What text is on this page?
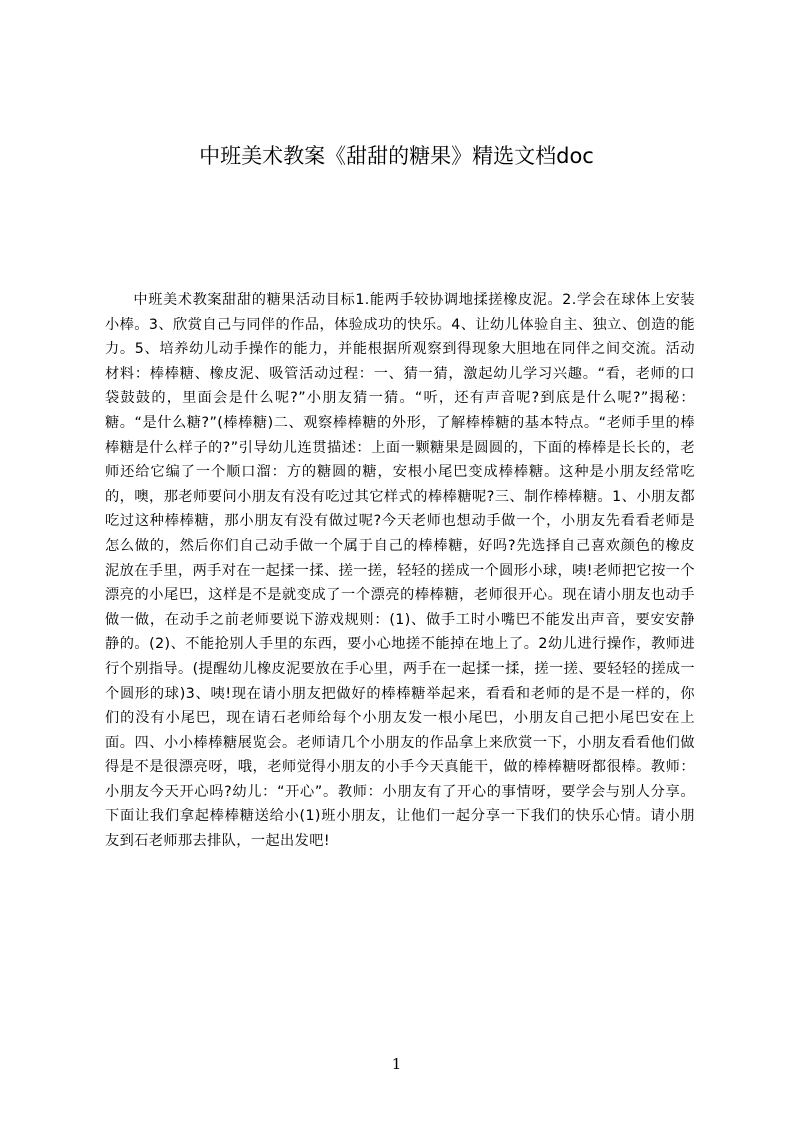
中班美术教案《甜甜的糖果》精选文档doc

中班美术教案甜甜的糖果活动目标1.能两手较协调地揉搓橡皮泥。2.学会在球体上安装小棒。3、欣赏自己与同伴的作品，体验成功的快乐。4、让幼儿体验自主、独立、创造的能力。5、培养幼儿动手操作的能力，并能根据所观察到得现象大胆地在同伴之间交流。活动材料：棒棒糖、橡皮泥、吸管活动过程：一、猜一猜，激起幼儿学习兴趣。“看，老师的口袋鼓鼓的，里面会是什么呢?”小朋友猜一猜。“听，还有声音呢?到底是什么呢?”揭秘：糖。“是什么糖?”(棒棒糖)二、观察棒棒糖的外形，了解棒棒糖的基本特点。“老师手里的棒棒糖是什么样子的?”引导幼儿连贯描述：上面一颗糖果是圆圆的，下面的棒棒是长长的，老师还给它编了一个顺口溜：方的糖圆的糖，安根小尾巴变成棒棒糖。这种是小朋友经常吃的，噢，那老师要问小朋友有没有吃过其它样式的棒棒糖呢?三、制作棒棒糖。1、小朋友都吃过这种棒棒糖，那小朋友有没有做过呢?今天老师也想动手做一个，小朋友先看看老师是怎么做的，然后你们自己动手做一个属于自己的棒棒糖，好吗?先选择自己喜欢颜色的橡皮泥放在手里，两手对在一起揉一揉、搓一搓，轻轻的搓成一个圆形小球，咦!老师把它按一个漂亮的小尾巴，这样是不是就变成了一个漂亮的棒棒糖，老师很开心。现在请小朋友也动手做一做，在动手之前老师要说下游戏规则：(1)、做手工时小嘴巴不能发出声音，要安安静静的。(2)、不能抢别人手里的东西，要小心地搓不能掉在地上了。2幼儿进行操作，教师进行个别指导。(提醒幼儿橡皮泥要放在手心里，两手在一起揉一揉，搓一搓、要轻轻的搓成一个圆形的球)3、咦!现在请小朋友把做好的棒棒糖举起来，看看和老师的是不是一样的，你们的没有小尾巴，现在请石老师给每个小朋友发一根小尾巴，小朋友自己把小尾巴安在上面。四、小小棒棒糖展览会。老师请几个小朋友的作品拿上来欣赏一下，小朋友看看他们做得是不是很漂亮呀，哦，老师觉得小朋友的小手今天真能干，做的棒棒糖呀都很棒。教师：小朋友今天开心吗?幼儿：“开心”。教师：小朋友有了开心的事情呀，要学会与别人分享。下面让我们拿起棒棒糖送给小(1)班小朋友，让他们一起分享一下我们的快乐心情。请小朋友到石老师那去排队，一起出发吧!

1
